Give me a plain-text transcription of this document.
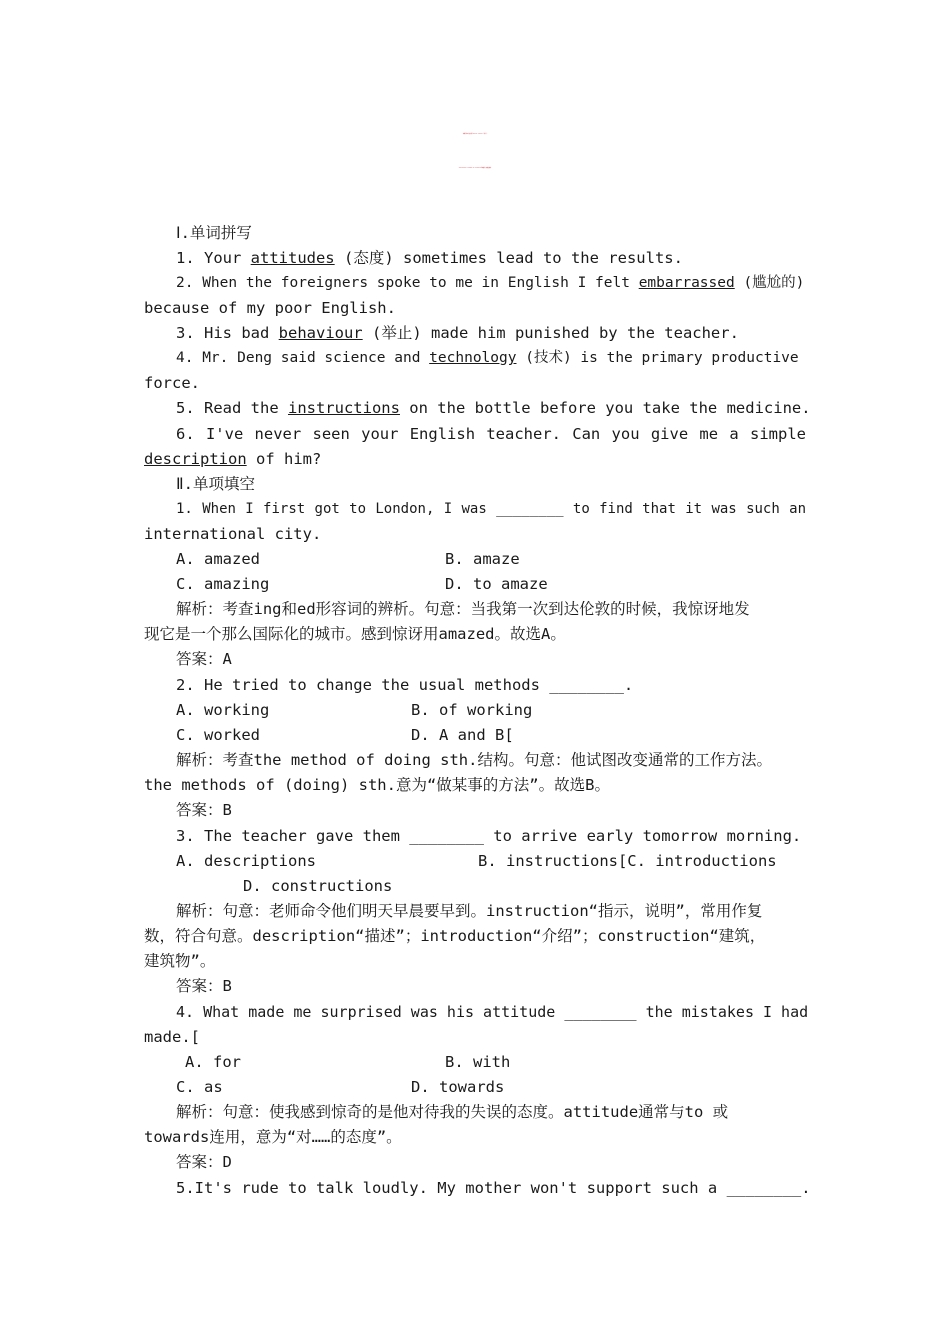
【创新方案】高中英语 Module1 Section Ⅱ 语言点一
Introduction & Reading and Vocabulary应用落实 外研版必修1
Ⅰ.单词拼写
1. Your attitudes (态度) sometimes lead to the results.
2. When the foreigners spoke to me in English I felt embarrassed (尴尬的)
because of my poor English.
3. His bad behaviour (举止) made him punished by the teacher.
4. Mr. Deng said science and technology (技术) is the primary productive
force.
5. Read the instructions on the bottle before you take the medicine.
6. I've never seen your English teacher. Can you give me a simple
description of him?
Ⅱ.单项填空
1. When I first got to London, I was ________ to find that it was such an
international city.
A. amazed	B. amaze
C. amazing	D. to amaze
解析：考查ing和ed形容词的辨析。句意：当我第一次到达伦敦的时候，我惊讶地发
现它是一个那么国际化的城市。感到惊讶用amazed。故选A。
答案：A
2. He tried to change the usual methods ________.
A. working	B. of working
C. worked	D. A and B[
解析：考查the method of doing sth.结构。句意：他试图改变通常的工作方法。
the methods of (doing) sth.意为“做某事的方法”。故选B。
答案：B
3. The teacher gave them ________ to arrive early tomorrow morning.
A. descriptions	B. instructions[C. introductions
D. constructions
解析：句意：老师命令他们明天早晨要早到。instruction“指示，说明”，常用作复
数，符合句意。description“描述”；introduction“介绍”；construction“建筑，
建筑物”。
答案：B
4. What made me surprised was his attitude ________ the mistakes I had
made.[
A. for	B. with
C. as	D. towards
解析：句意：使我感到惊奇的是他对待我的失误的态度。attitude通常与to 或
towards连用，意为“对……的态度”。
答案：D
5.It's rude to talk loudly. My mother won't support such a ________.
